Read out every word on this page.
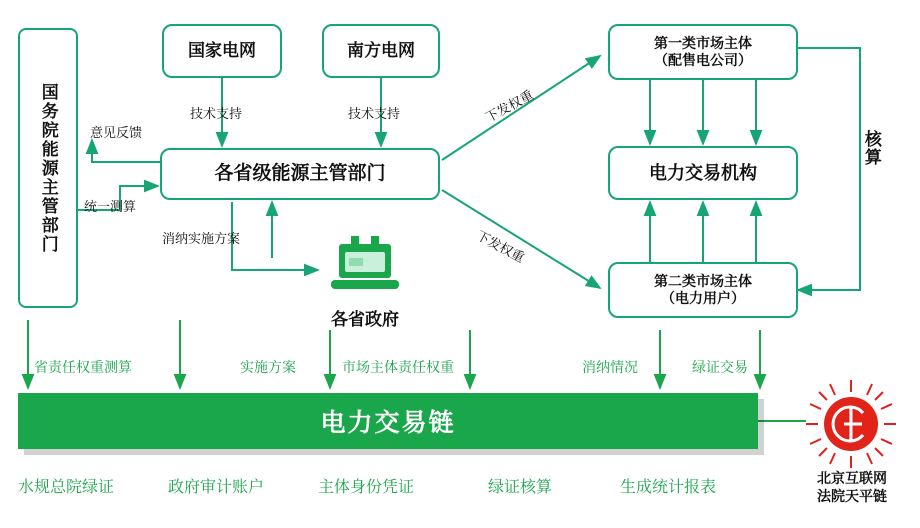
国务院能源主管部门
国家电网	南方电网
各省级能源主管部门
第一类市场主体
（配售电公司）
电力交易机构
第二类市场主体
（电力用户）
各省政府
核算
意见反馈
统一测算
技术支持	技术支持
消纳实施方案
下发权重
下发权重
省责任权重测算	实施方案	市场主体责任权重	消纳情况	绿证交易
电力交易链
水规总院绿证	政府审计账户	主体身份凭证	绿证核算	生成统计报表
北京互联网
法院天平链
